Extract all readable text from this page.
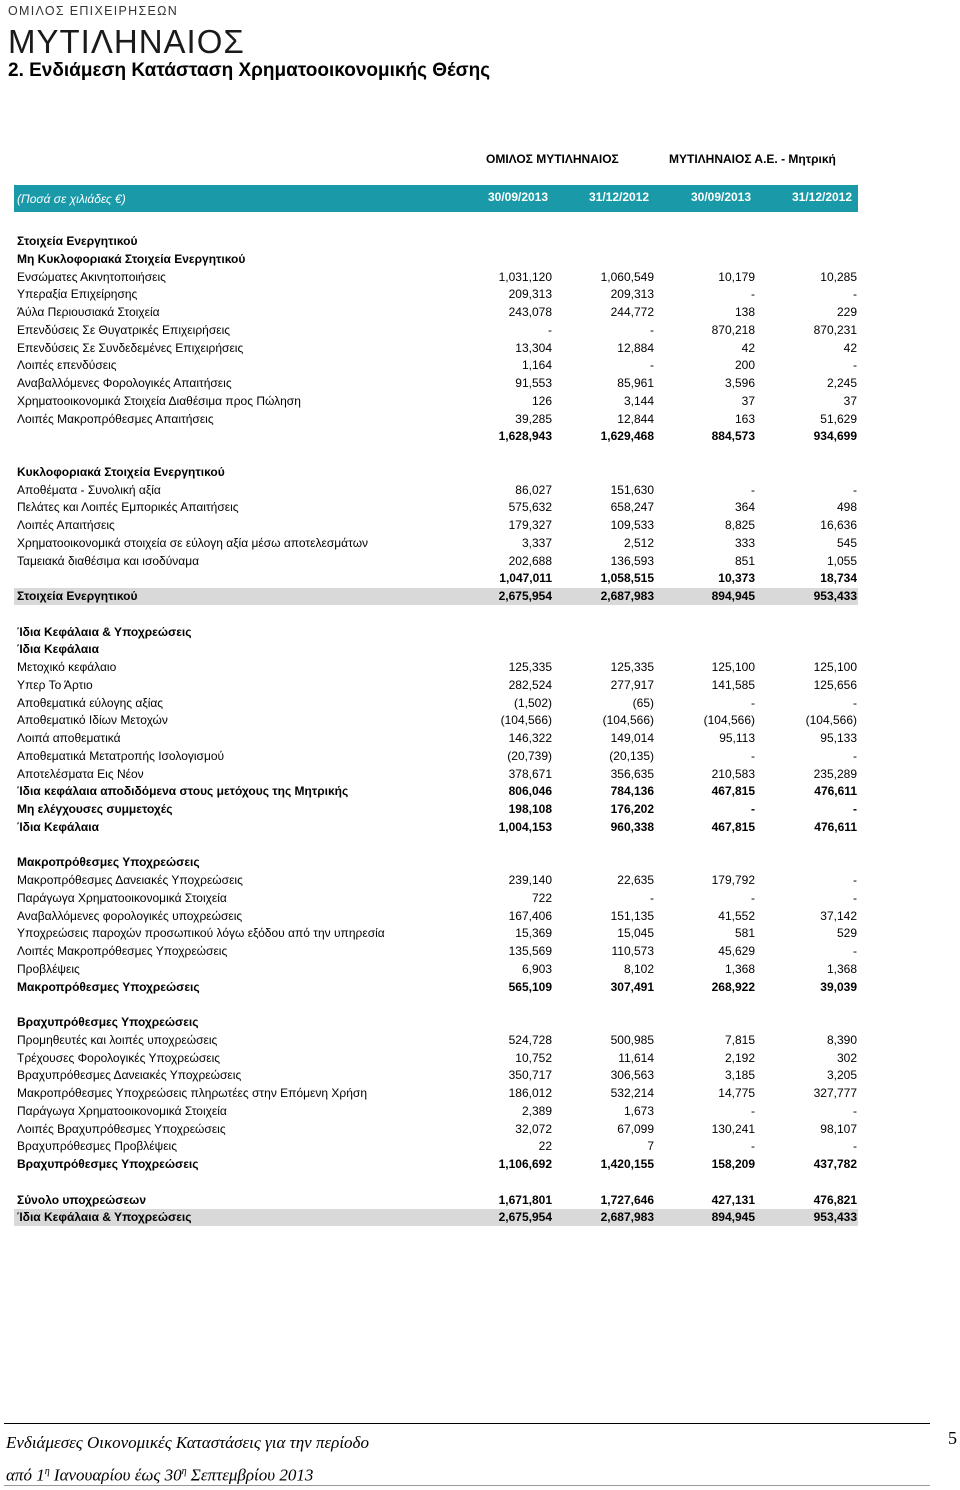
ΟΜΙΛΟΣ ΕΠΙΧΕΙΡΗΣΕΩΝ
ΜΥΤΙΛΗΝΑΙΟΣ
2. Ενδιάμεση Κατάσταση Χρηματοοικονομικής Θέσης
ΟΜΙΛΟΣ ΜΥΤΙΛΗΝΑΙΟΣ	ΜΥΤΙΛΗΝΑΙΟΣ Α.Ε. - Μητρική
(Ποσά σε χιλιάδες €)	30/09/2013	31/12/2012	30/09/2013	31/12/2012
Στοιχεία Ενεργητικού
Μη Κυκλοφοριακά Στοιχεία Ενεργητικού
Ενσώματες Ακινητοποιήσεις	1,031,120	1,060,549	10,179	10,285
Υπεραξία Επιχείρησης	209,313	209,313	-	-
Άύλα Περιουσιακά Στοιχεία	243,078	244,772	138	229
Επενδύσεις Σε Θυγατρικές Επιχειρήσεις	-	-	870,218	870,231
Επενδύσεις Σε Συνδεδεμένες Επιχειρήσεις	13,304	12,884	42	42
Λοιπές επενδύσεις	1,164	-	200	-
Αναβαλλόμενες Φορολογικές Απαιτήσεις	91,553	85,961	3,596	2,245
Χρηματοοικονομικά Στοιχεία Διαθέσιμα προς Πώληση	126	3,144	37	37
Λοιπές Μακροπρόθεσμες Απαιτήσεις	39,285	12,844	163	51,629
1,628,943	1,629,468	884,573	934,699
Κυκλοφοριακά Στοιχεία Ενεργητικού
Αποθέματα - Συνολική αξία	86,027	151,630	-	-
Πελάτες και Λοιπές Εμπορικές Απαιτήσεις	575,632	658,247	364	498
Λοιπές Απαιτήσεις	179,327	109,533	8,825	16,636
Χρηματοοικονομικά στοιχεία σε εύλογη αξία μέσω αποτελεσμάτων	3,337	2,512	333	545
Ταμειακά διαθέσιμα και ισοδύναμα	202,688	136,593	851	1,055
1,047,011	1,058,515	10,373	18,734
Στοιχεία Ενεργητικού	2,675,954	2,687,983	894,945	953,433
Ίδια Κεφάλαια & Υποχρεώσεις
Ίδια Κεφάλαια
Μετοχικό κεφάλαιο	125,335	125,335	125,100	125,100
Υπερ Το Άρτιο	282,524	277,917	141,585	125,656
Αποθεματικά εύλογης αξίας	(1,502)	(65)	-	-
Αποθεματικό Ιδίων Μετοχών	(104,566)	(104,566)	(104,566)	(104,566)
Λοιπά αποθεματικά	146,322	149,014	95,113	95,133
Αποθεματικά Μετατροπής Ισολογισμού	(20,739)	(20,135)	-	-
Αποτελέσματα Εις Νέον	378,671	356,635	210,583	235,289
Ίδια κεφάλαια αποδιδόμενα στους μετόχους της Μητρικής	806,046	784,136	467,815	476,611
Μη ελέγχουσες συμμετοχές	198,108	176,202	-	-
Ίδια Κεφάλαια	1,004,153	960,338	467,815	476,611
Μακροπρόθεσμες Υποχρεώσεις
Μακροπρόθεσμες Δανειακές Υποχρεώσεις	239,140	22,635	179,792	-
Παράγωγα Χρηματοοικονομικά Στοιχεία	722	-	-	-
Αναβαλλόμενες φορολογικές υποχρεώσεις	167,406	151,135	41,552	37,142
Υποχρεώσεις παροχών προσωπικού λόγω εξόδου από την υπηρεσία	15,369	15,045	581	529
Λοιπές Μακροπρόθεσμες Υποχρεώσεις	135,569	110,573	45,629	-
Προβλέψεις	6,903	8,102	1,368	1,368
Μακροπρόθεσμες Υποχρεώσεις	565,109	307,491	268,922	39,039
Βραχυπρόθεσμες Υποχρεώσεις
Προμηθευτές και λοιπές υποχρεώσεις	524,728	500,985	7,815	8,390
Τρέχουσες Φορολογικές Υποχρεώσεις	10,752	11,614	2,192	302
Βραχυπρόθεσμες Δανειακές Υποχρεώσεις	350,717	306,563	3,185	3,205
Μακροπρόθεσμες Υποχρεώσεις πληρωτέες στην Επόμενη Χρήση	186,012	532,214	14,775	327,777
Παράγωγα Χρηματοοικονομικά Στοιχεία	2,389	1,673	-	-
Λοιπές Βραχυπρόθεσμες Υποχρεώσεις	32,072	67,099	130,241	98,107
Βραχυπρόθεσμες Προβλέψεις	22	7	-	-
Βραχυπρόθεσμες Υποχρεώσεις	1,106,692	1,420,155	158,209	437,782
Σύνολο υποχρεώσεων	1,671,801	1,727,646	427,131	476,821
Ίδια Κεφάλαια & Υποχρεώσεις	2,675,954	2,687,983	894,945	953,433
Ενδιάμεσες Οικονομικές Καταστάσεις για την περίοδο
από $1^\eta$ Ιανουαρίου έως $30^\eta$ Σεπτεμβρίου 2013
5
